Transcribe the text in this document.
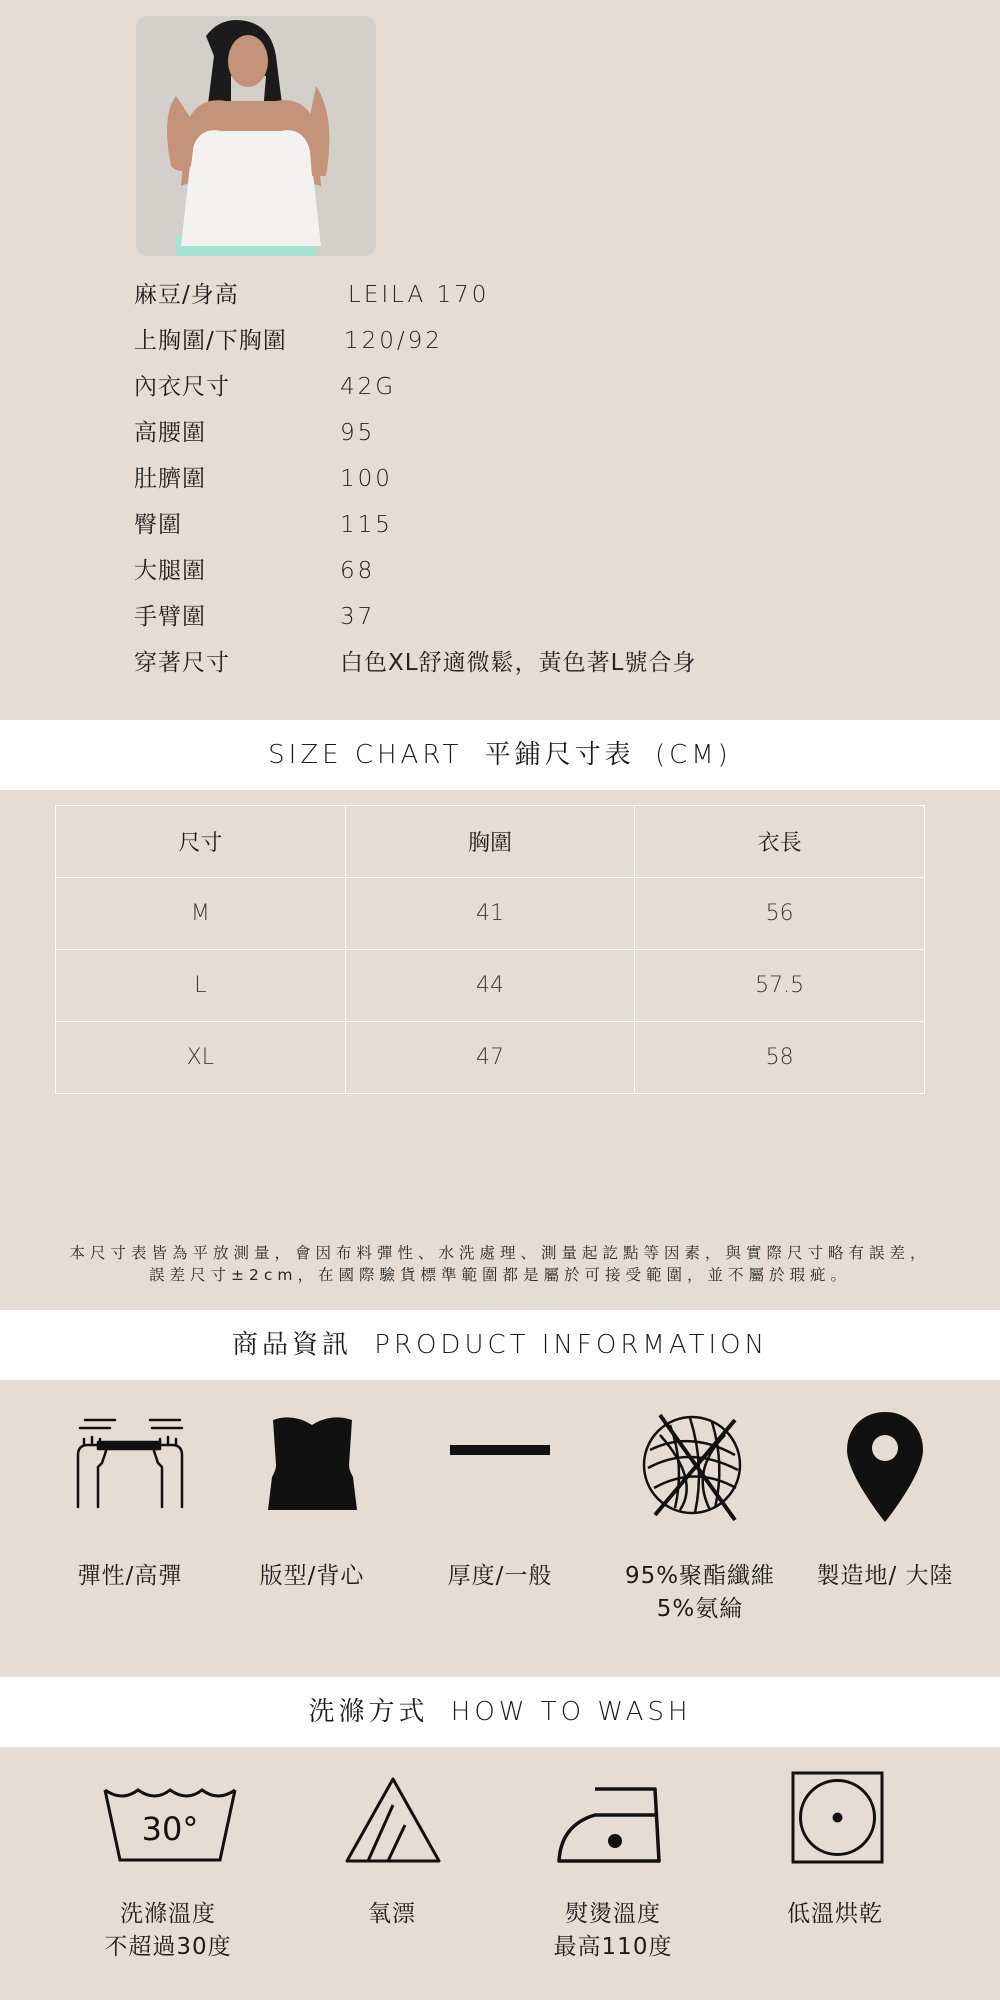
麻豆/身高	LEILA 170
上胸圍/下胸圍 120/92
內衣尺寸	42G
高腰圍	95
肚臍圍	100
臀圍	115
大腿圍	68
手臂圍	37
穿著尺寸	白色XL舒適微鬆，黃色著L號合身
SIZE CHART 平鋪尺寸表 (CM)
尺寸	胸圍	衣長
M	41	56
L	44	57.5
XL	47	58
本尺寸表皆為平放測量，會因布料彈性、水洗處理、測量起訖點等因素，與實際尺寸略有誤差，
誤差尺寸±2cm，在國際驗貨標準範圍都是屬於可接受範圍，並不屬於瑕疵。
商品資訊 PRODUCT INFORMATION
彈性/高彈	版型/背心	厚度/一般	95%聚酯纖維
5%氨綸
製造地/ 大陸
洗滌方式 HOW TO WASH
30°
洗滌溫度
不超過30度
氧漂	熨燙溫度
最高110度
低溫烘乾
